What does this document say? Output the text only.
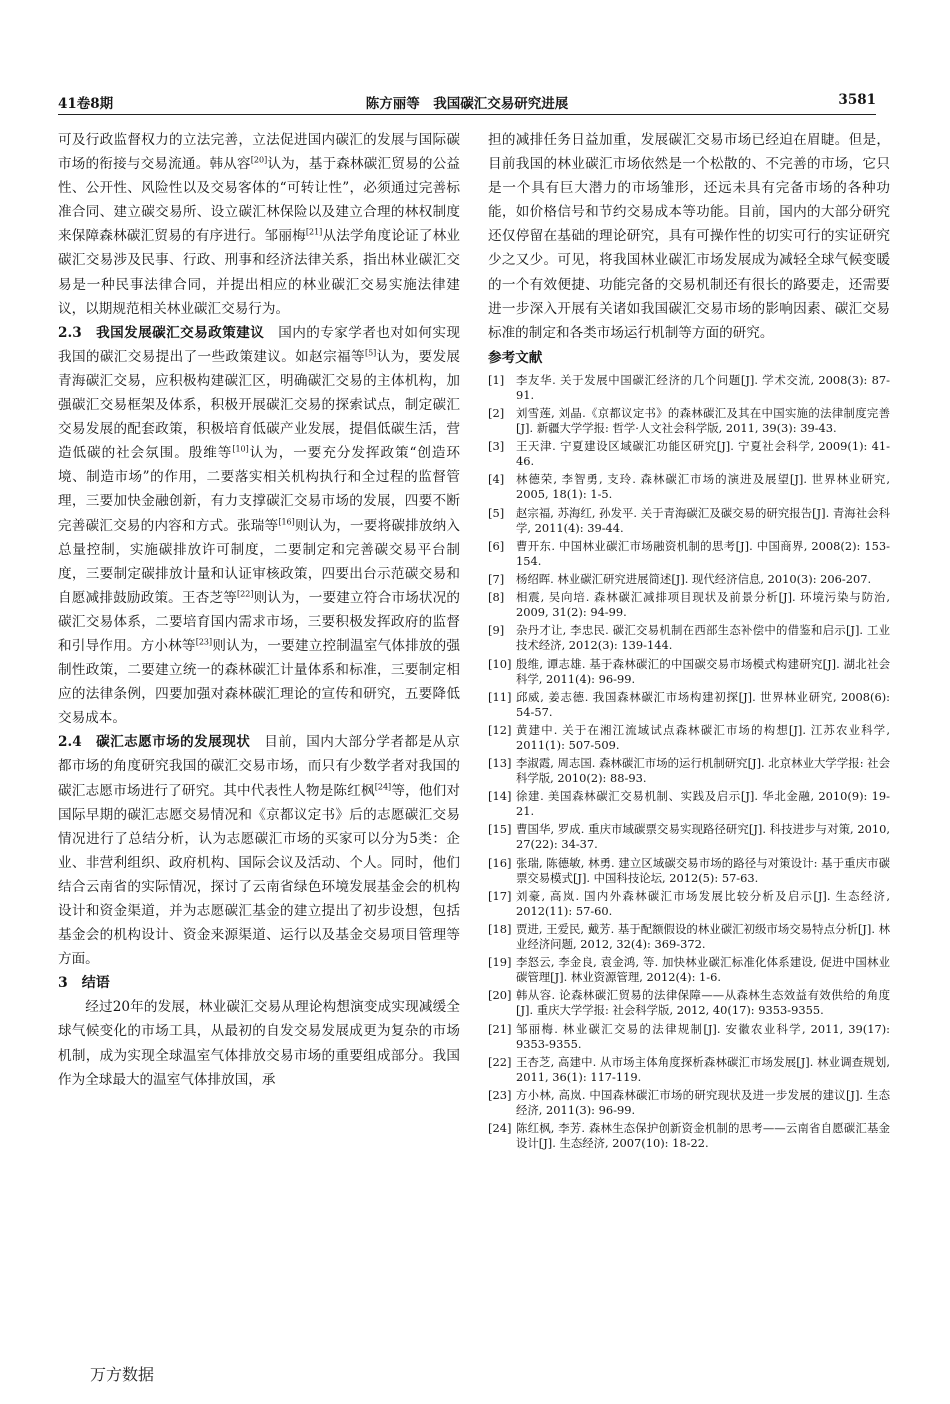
41卷8期	陈方丽等　我国碳汇交易研究进展	3581

可及行政监督权力的立法完善，立法促进国内碳汇的发展与国际碳市场的衔接与交易流通。韩从容[20]认为，基于森林碳汇贸易的公益性、公开性、风险性以及交易客体的“可转让性”，必须通过完善标准合同、建立碳交易所、设立碳汇林保险以及建立合理的林权制度来保障森林碳汇贸易的有序进行。邹丽梅[21]从法学角度论证了林业碳汇交易涉及民事、行政、刑事和经济法律关系，指出林业碳汇交易是一种民事法律合同，并提出相应的林业碳汇交易实施法律建议，以期规范相关林业碳汇交易行为。

2.3　我国发展碳汇交易政策建议　国内的专家学者也对如何实现我国的碳汇交易提出了一些政策建议。如赵宗福等[5]认为，要发展青海碳汇交易，应积极构建碳汇区，明确碳汇交易的主体机构，加强碳汇交易框架及体系，积极开展碳汇交易的探索试点，制定碳汇交易发展的配套政策，积极培育低碳产业发展，提倡低碳生活，营造低碳的社会氛围。殷维等[10]认为，一要充分发挥政策“创造环境、制造市场”的作用，二要落实相关机构执行和全过程的监督管理，三要加快金融创新，有力支撑碳汇交易市场的发展，四要不断完善碳汇交易的内容和方式。张瑞等[16]则认为，一要将碳排放纳入总量控制，实施碳排放许可制度，二要制定和完善碳交易平台制度，三要制定碳排放计量和认证审核政策，四要出台示范碳交易和自愿减排鼓励政策。王杏芝等[22]则认为，一要建立符合市场状况的碳汇交易体系，二要培育国内需求市场，三要积极发挥政府的监督和引导作用。方小林等[23]则认为，一要建立控制温室气体排放的强制性政策，二要建立统一的森林碳汇计量体系和标准，三要制定相应的法律条例，四要加强对森林碳汇理论的宣传和研究，五要降低交易成本。

2.4　碳汇志愿市场的发展现状　目前，国内大部分学者都是从京都市场的角度研究我国的碳汇交易市场，而只有少数学者对我国的碳汇志愿市场进行了研究。其中代表性人物是陈红枫[24]等，他们对国际早期的碳汇志愿交易情况和《京都议定书》后的志愿碳汇交易情况进行了总结分析，认为志愿碳汇市场的买家可以分为5类：企业、非营利组织、政府机构、国际会议及活动、个人。同时，他们结合云南省的实际情况，探讨了云南省绿色环境发展基金会的机构设计和资金渠道，并为志愿碳汇基金的建立提出了初步设想，包括基金会的机构设计、资金来源渠道、运行以及基金交易项目管理等方面。

3　结语

经过20年的发展，林业碳汇交易从理论构想演变成实现减缓全球气候变化的市场工具，从最初的自发交易发展成更为复杂的市场机制，成为实现全球温室气体排放交易市场的重要组成部分。我国作为全球最大的温室气体排放国，承

担的减排任务日益加重，发展碳汇交易市场已经迫在眉睫。但是，目前我国的林业碳汇市场依然是一个松散的、不完善的市场，它只是一个具有巨大潜力的市场雏形，还远未具有完备市场的各种功能，如价格信号和节约交易成本等功能。目前，国内的大部分研究还仅停留在基础的理论研究，具有可操作性的切实可行的实证研究少之又少。可见，将我国林业碳汇市场发展成为减轻全球气候变暖的一个有效便捷、功能完备的交易机制还有很长的路要走，还需要进一步深入开展有关诸如我国碳汇交易市场的影响因素、碳汇交易标准的制定和各类市场运行机制等方面的研究。

参考文献

[1] 李友华. 关于发展中国碳汇经济的几个问题[J]. 学术交流, 2008(3): 87-91.

[2] 刘雪莲, 刘晶.《京都议定书》的森林碳汇及其在中国实施的法律制度完善[J]. 新疆大学学报: 哲学·人文社会科学版, 2011, 39(3): 39-43.

[3] 王天津. 宁夏建设区域碳汇功能区研究[J]. 宁夏社会科学, 2009(1): 41-46.

[4] 林德荣, 李智勇, 支玲. 森林碳汇市场的演进及展望[J]. 世界林业研究, 2005, 18(1): 1-5.

[5] 赵宗福, 苏海红, 孙发平. 关于青海碳汇及碳交易的研究报告[J]. 青海社会科学, 2011(4): 39-44.

[6] 曹开东. 中国林业碳汇市场融资机制的思考[J]. 中国商界, 2008(2): 153-154.

[7] 杨绍晖. 林业碳汇研究进展简述[J]. 现代经济信息, 2010(3): 206-207.

[8] 相震, 吴向培. 森林碳汇减排项目现状及前景分析[J]. 环境污染与防治, 2009, 31(2): 94-99.

[9] 杂丹才让, 李忠民. 碳汇交易机制在西部生态补偿中的借鉴和启示[J]. 工业技术经济, 2012(3): 139-144.

[10] 殷维, 谭志雄. 基于森林碳汇的中国碳交易市场模式构建研究[J]. 湖北社会科学, 2011(4): 96-99.

[11] 邱威, 姜志德. 我国森林碳汇市场构建初探[J]. 世界林业研究, 2008(6): 54-57.

[12] 黄建中. 关于在湘江流域试点森林碳汇市场的构想[J]. 江苏农业科学, 2011(1): 507-509.

[13] 李淑霞, 周志国. 森林碳汇市场的运行机制研究[J]. 北京林业大学学报: 社会科学版, 2010(2): 88-93.

[14] 徐建. 美国森林碳汇交易机制、实践及启示[J]. 华北金融, 2010(9): 19-21.

[15] 曹国华, 罗成. 重庆市域碳票交易实现路径研究[J]. 科技进步与对策, 2010, 27(22): 34-37.

[16] 张瑞, 陈德敏, 林勇. 建立区域碳交易市场的路径与对策设计: 基于重庆市碳票交易模式[J]. 中国科技论坛, 2012(5): 57-63.

[17] 刘豪, 高岚. 国内外森林碳汇市场发展比较分析及启示[J]. 生态经济, 2012(11): 57-60.

[18] 贾进, 王爱民, 戴芳. 基于配额假设的林业碳汇初级市场交易特点分析[J]. 林业经济问题, 2012, 32(4): 369-372.

[19] 李怒云, 李金良, 袁金鸿, 等. 加快林业碳汇标准化体系建设, 促进中国林业碳管理[J]. 林业资源管理, 2012(4): 1-6.

[20] 韩从容. 论森林碳汇贸易的法律保障——从森林生态效益有效供给的角度[J]. 重庆大学学报: 社会科学版, 2012, 40(17): 9353-9355.

[21] 邹丽梅. 林业碳汇交易的法律规制[J]. 安徽农业科学, 2011, 39(17): 9353-9355.

[22] 王杏芝, 高建中. 从市场主体角度探析森林碳汇市场发展[J]. 林业调查规划, 2011, 36(1): 117-119.

[23] 方小林, 高岚. 中国森林碳汇市场的研究现状及进一步发展的建议[J]. 生态经济, 2011(3): 96-99.

[24] 陈红枫, 李芳. 森林生态保护创新资金机制的思考——云南省自愿碳汇基金设计[J]. 生态经济, 2007(10): 18-22.

万方数据
